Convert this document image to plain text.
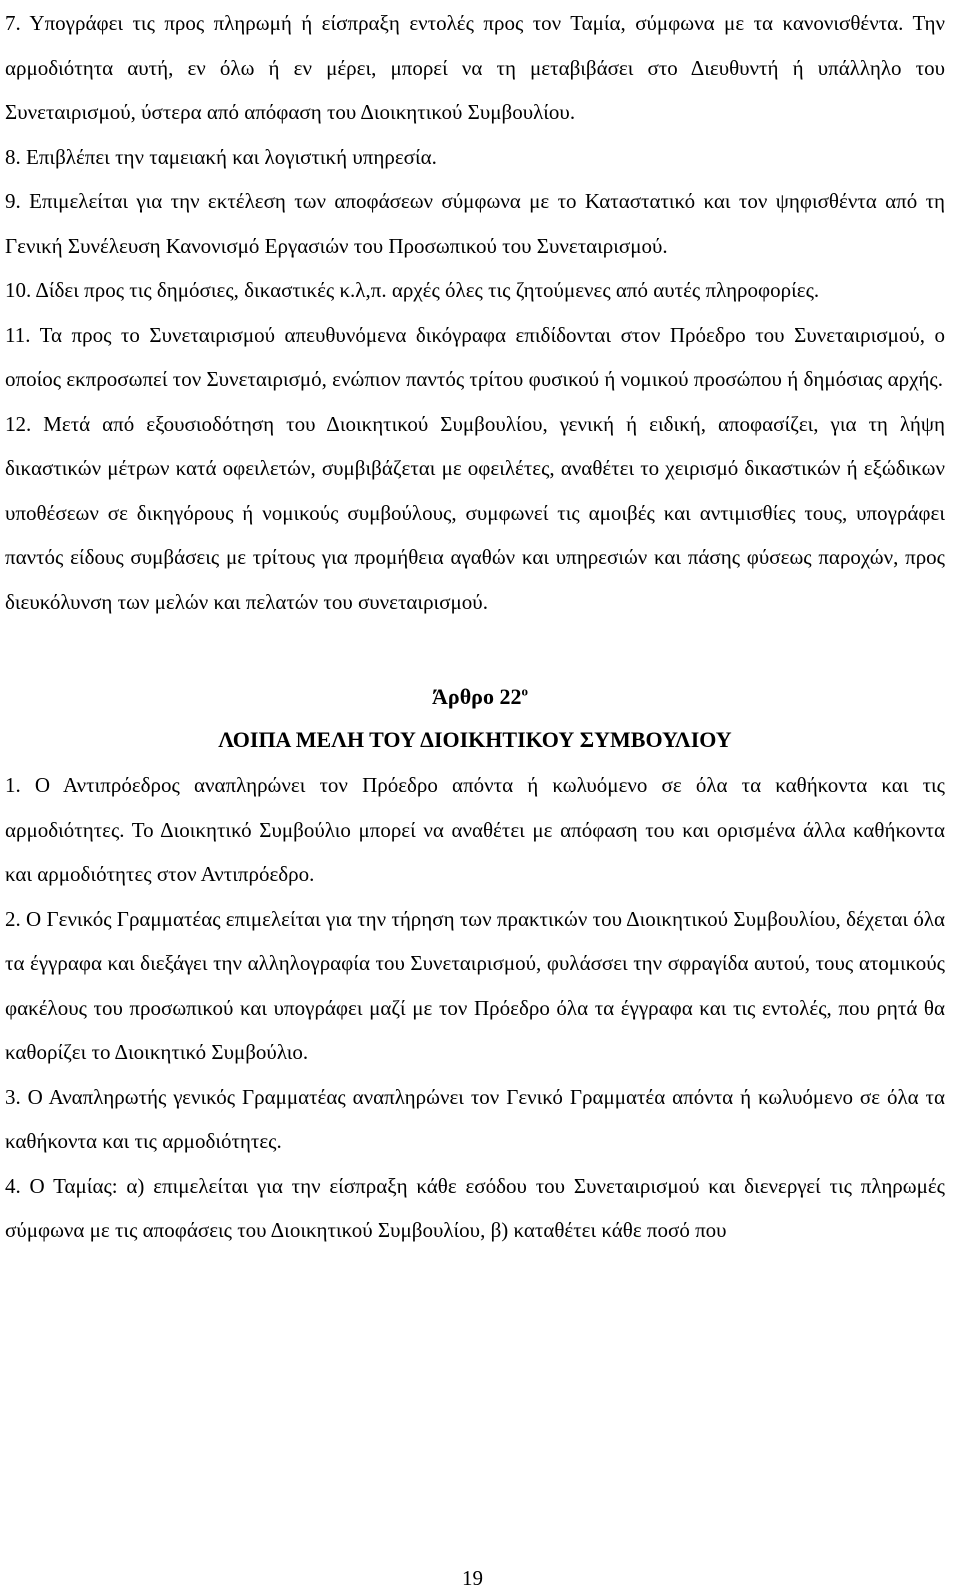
7. Υπογράφει τις προς πληρωμή ή είσπραξη εντολές προς τον Ταμία, σύμφωνα με τα κανονισθέντα. Την αρμοδιότητα αυτή, εν όλω ή εν μέρει, μπορεί να τη μεταβιβάσει στο Διευθυντή ή υπάλληλο του Συνεταιρισμού, ύστερα από απόφαση του Διοικητικού Συμβουλίου.

8. Επιβλέπει την ταμειακή και λογιστική υπηρεσία.

9. Επιμελείται για την εκτέλεση των αποφάσεων σύμφωνα με το Καταστατικό και τον ψηφισθέντα από τη Γενική Συνέλευση Κανονισμό Εργασιών του Προσωπικού του Συνεταιρισμού.

10. Δίδει προς τις δημόσιες, δικαστικές κ.λ,π. αρχές όλες τις ζητούμενες από αυτές πληροφορίες.

11. Τα προς το Συνεταιρισμού απευθυνόμενα δικόγραφα επιδίδονται στον Πρόεδρο του Συνεταιρισμού, ο οποίος εκπροσωπεί τον Συνεταιρισμό, ενώπιον παντός τρίτου φυσικού ή νομικού προσώπου ή δημόσιας αρχής.

12. Μετά από εξουσιοδότηση του Διοικητικού Συμβουλίου, γενική ή ειδική, αποφασίζει, για τη λήψη δικαστικών μέτρων κατά οφειλετών, συμβιβάζεται με οφειλέτες, αναθέτει το χειρισμό δικαστικών ή εξώδικων υποθέσεων σε δικηγόρους ή νομικούς συμβούλους, συμφωνεί τις αμοιβές και αντιμισθίες τους, υπογράφει παντός είδους συμβάσεις με τρίτους για προμήθεια αγαθών και υπηρεσιών και πάσης φύσεως παροχών, προς διευκόλυνση των μελών και πελατών του συνεταιρισμού.

Άρθρο $22^o$
ΛΟΙΠΑ ΜΕΛΗ ΤΟΥ ΔΙΟΙΚΗΤΙΚΟΥ ΣΥΜΒΟΥΛΙΟΥ

1. Ο Αντιπρόεδρος αναπληρώνει τον Πρόεδρο απόντα ή κωλυόμενο σε όλα τα καθήκοντα και τις αρμοδιότητες. Το Διοικητικό Συμβούλιο μπορεί να αναθέτει με απόφαση του και ορισμένα άλλα καθήκοντα και αρμοδιότητες στον Αντιπρόεδρο.

2. Ο Γενικός Γραμματέας επιμελείται για την τήρηση των πρακτικών του Διοικητικού Συμβουλίου, δέχεται όλα τα έγγραφα και διεξάγει την αλληλογραφία του Συνεταιρισμού, φυλάσσει την σφραγίδα αυτού, τους ατομικούς φακέλους του προσωπικού και υπογράφει μαζί με τον Πρόεδρο όλα τα έγγραφα και τις εντολές, που ρητά θα καθορίζει το Διοικητικό Συμβούλιο.

3. Ο Αναπληρωτής γενικός Γραμματέας αναπληρώνει τον Γενικό Γραμματέα απόντα ή κωλυόμενο σε όλα τα καθήκοντα και τις αρμοδιότητες.

4. Ο Ταμίας: α) επιμελείται για την είσπραξη κάθε εσόδου του Συνεταιρισμού και διενεργεί τις πληρωμές σύμφωνα με τις αποφάσεις του Διοικητικού Συμβουλίου, β) καταθέτει κάθε ποσό που

19
